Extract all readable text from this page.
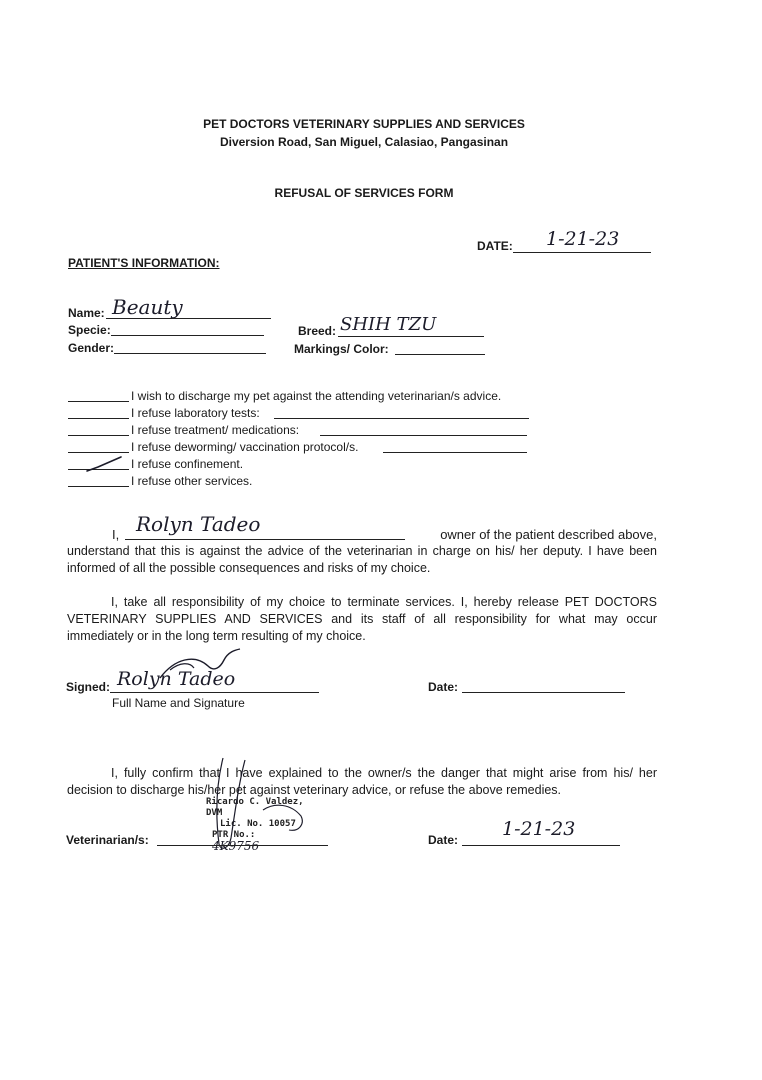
PET DOCTORS VETERINARY SUPPLIES AND SERVICES
Diversion Road, San Miguel, Calasiao, Pangasinan
REFUSAL OF SERVICES FORM
DATE: 1-21-23
PATIENT'S INFORMATION:
Name: Beauty
Specie:
Gender:
Breed: SHIH TZU
Markings/ Color:
I wish to discharge my pet against the attending veterinarian/s advice.
I refuse laboratory tests:
I refuse treatment/ medications:
I refuse deworming/ vaccination protocol/s.
I refuse confinement.
I refuse other services.
I, Rolyn Tadeo	owner of the patient described above,
understand that this is against the advice of the veterinarian in charge on his/ her deputy. I have been informed of all the possible consequences and risks of my choice.
I, take all responsibility of my choice to terminate services. I, hereby release PET DOCTORS VETERINARY SUPPLIES AND SERVICES and its staff of all responsibility for what may occur immediately or in the long term resulting of my choice.
Signed: Rolyn Tadeo
Full Name and Signature
Date:
I, fully confirm that I have explained to the owner/s the danger that might arise from his/ her decision to discharge his/her pet against veterinary advice, or refuse the above remedies.
Ricardo C. Valdez, DVM
Lic. No. 10057
PTR No.: 4K9756
Veterinarian/s:	Date: 1-21-23
